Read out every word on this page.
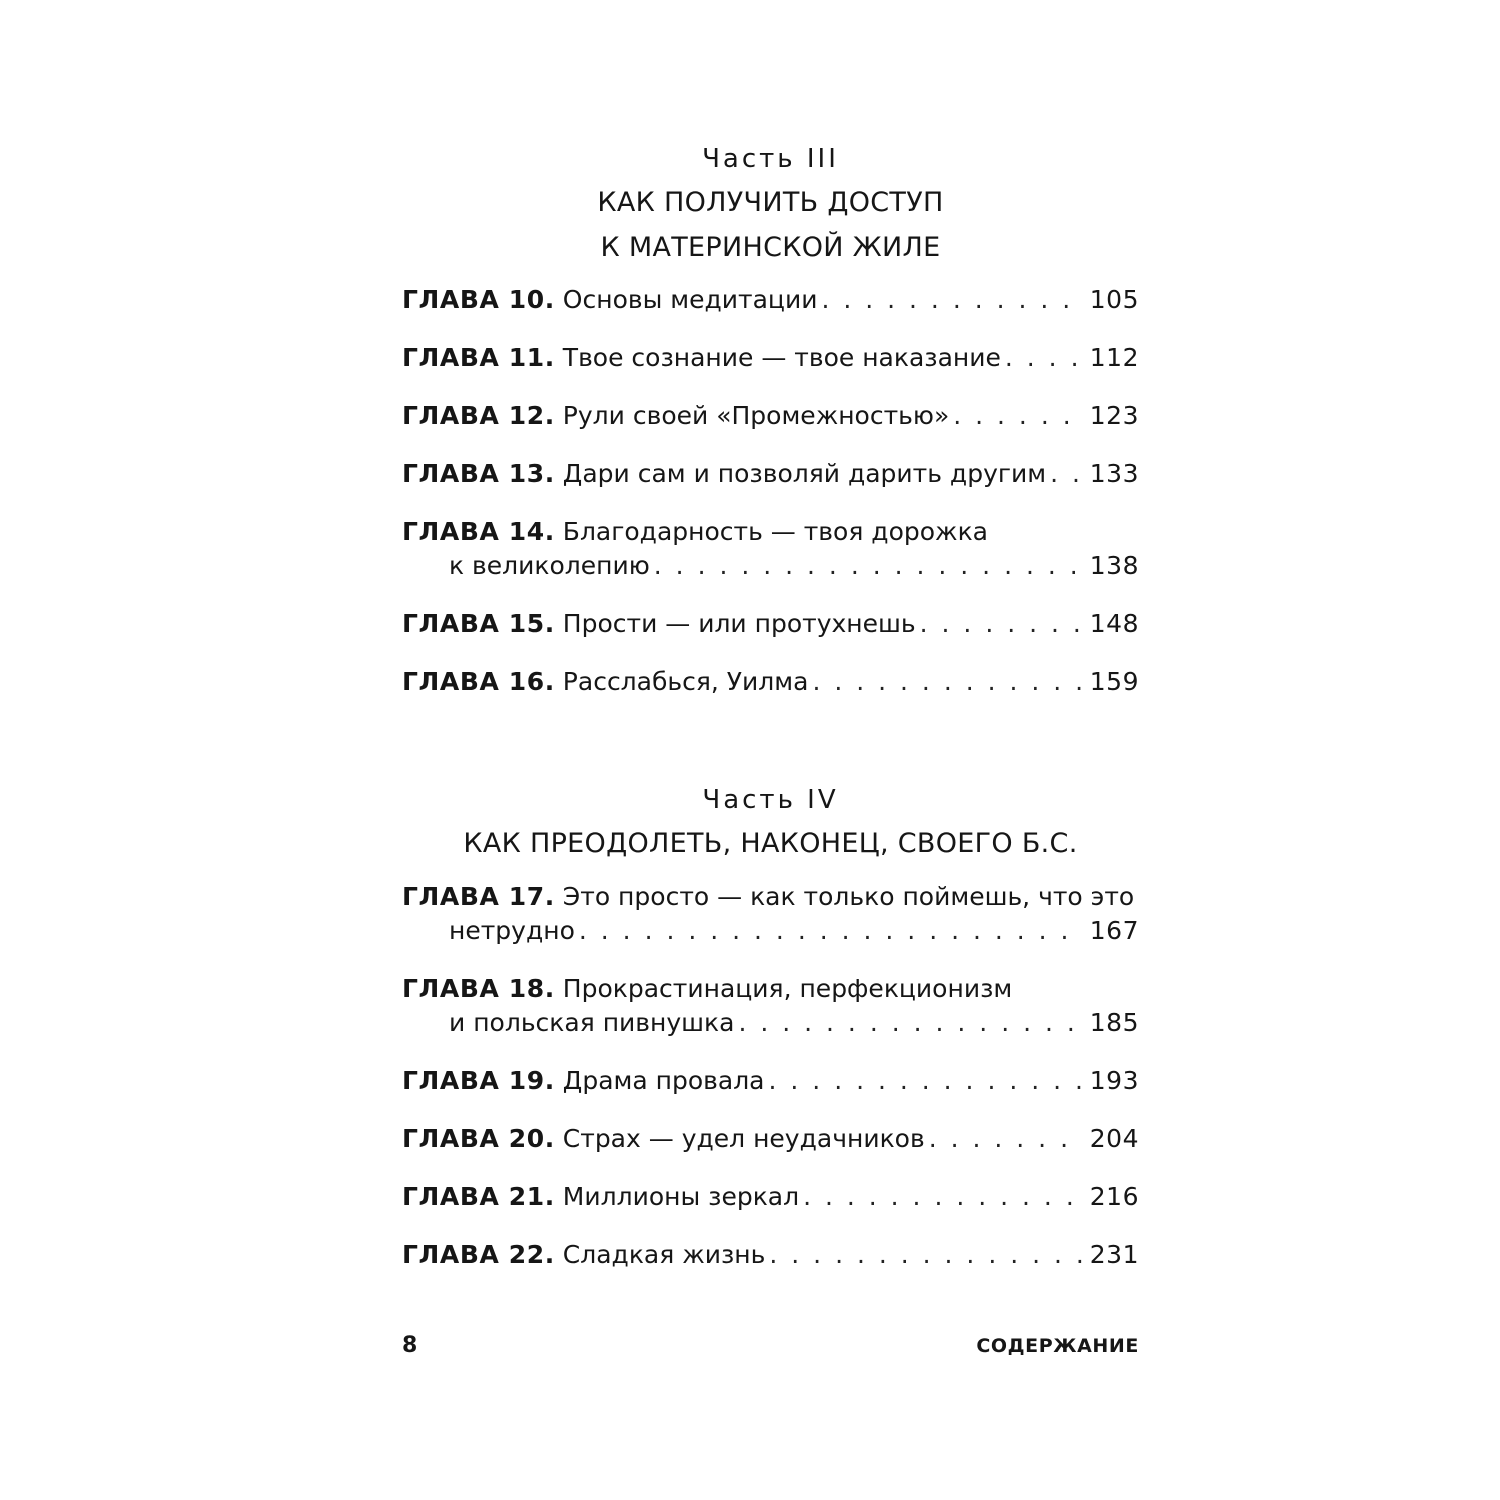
Часть III
КАК ПОЛУЧИТЬ ДОСТУП
К МАТЕРИНСКОЙ ЖИЛЕ
ГЛАВА 10.
Основы медитации . . .	105
ГЛАВА 11.
Твое сознание — твое наказание . . .	112
ГЛАВА 12.
Рули своей «Промежностью» . . .	123
ГЛАВА 13.
Дари сам и позволяй дарить другим . . . 133
ГЛАВА 14.
Благодарность — твоя дорожка
к великолепию . . .	138
ГЛАВА 15.
Прости — или протухнешь . . .	148
ГЛАВА 16.
Расслабься, Уилма . . .	159
Часть IV
КАК ПРЕОДОЛЕТЬ, НАКОНЕЦ, СВОЕГО Б.С.
ГЛАВА 17.
Это просто — как только поймешь, что это
нетрудно . . .	167
ГЛАВА 18.
Прокрастинация, перфекционизм
и польская пивнушка . . .	185
ГЛАВА 19.
Драма провала . . .	193
ГЛАВА 20.
Страх — удел неудачников . . .	204
ГЛАВА 21.
Миллионы зеркал . . .	216
ГЛАВА 22.
Сладкая жизнь . . .	231
8	СОДЕРЖАНИЕ
